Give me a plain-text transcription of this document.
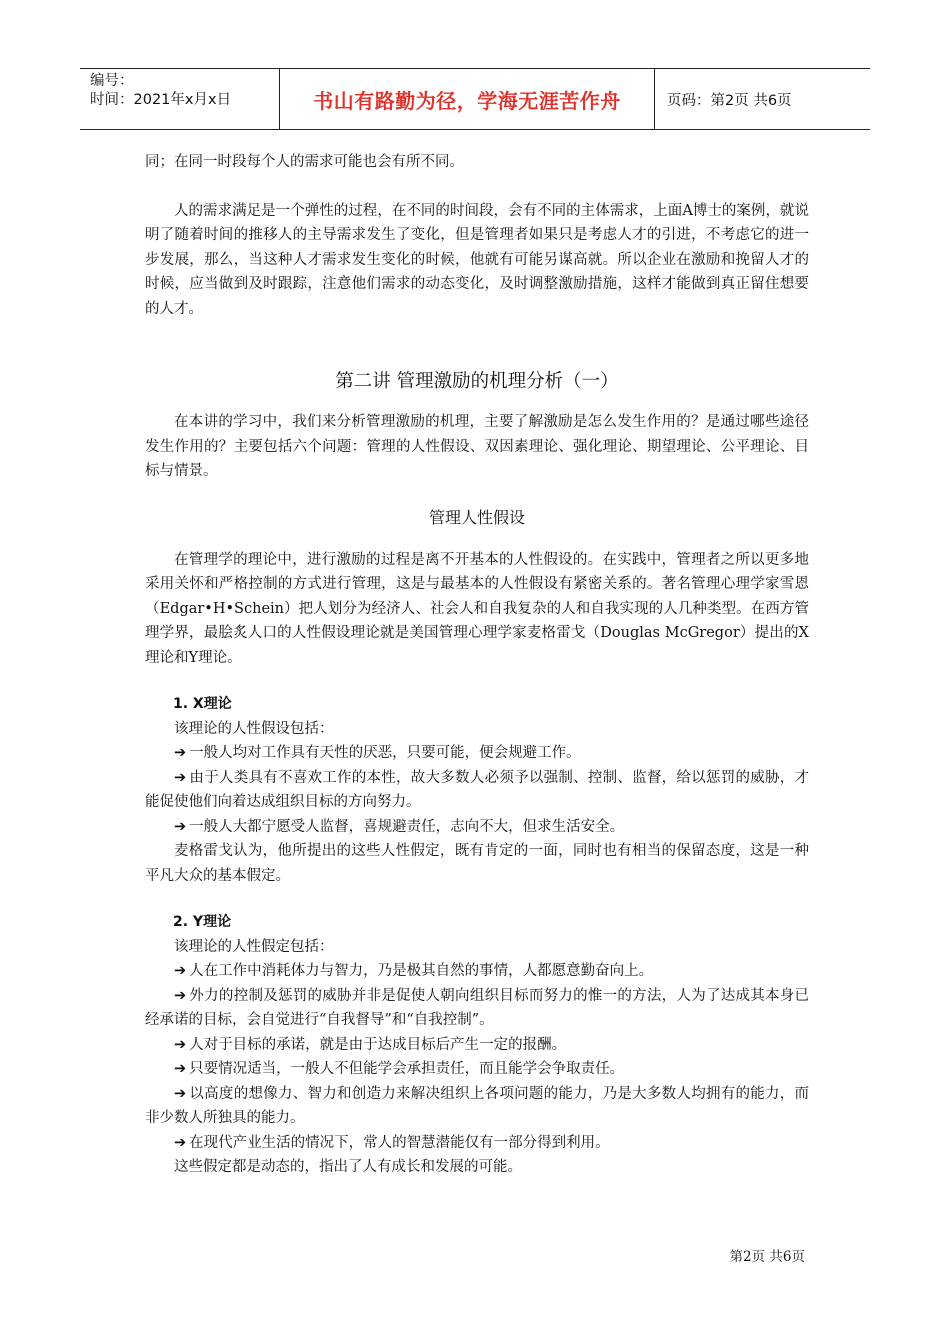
编号：
时间：2021年x月x日	书山有路勤为径，学海无涯苦作舟	页码：第2页 共6页

同；在同一时段每个人的需求可能也会有所不同。

人的需求满足是一个弹性的过程，在不同的时间段，会有不同的主体需求，上面A博士的案例，就说明了随着时间的推移人的主导需求发生了变化，但是管理者如果只是考虑人才的引进，不考虑它的进一步发展，那么，当这种人才需求发生变化的时候，他就有可能另谋高就。所以企业在激励和挽留人才的时候，应当做到及时跟踪，注意他们需求的动态变化，及时调整激励措施，这样才能做到真正留住想要的人才。

第二讲 管理激励的机理分析（一）

在本讲的学习中，我们来分析管理激励的机理，主要了解激励是怎么发生作用的？是通过哪些途径发生作用的？主要包括六个问题：管理的人性假设、双因素理论、强化理论、期望理论、公平理论、目标与情景。

管理人性假设

在管理学的理论中，进行激励的过程是离不开基本的人性假设的。在实践中，管理者之所以更多地采用关怀和严格控制的方式进行管理，这是与最基本的人性假设有紧密关系的。著名管理心理学家雪恩（Edgar•H•Schein）把人划分为经济人、社会人和自我复杂的人和自我实现的人几种类型。在西方管理学界，最脍炙人口的人性假设理论就是美国管理心理学家麦格雷戈（Douglas McGregor）提出的X理论和Y理论。

1. X理论

该理论的人性假设包括：

➔ 一般人均对工作具有天性的厌恶，只要可能，便会规避工作。

➔ 由于人类具有不喜欢工作的本性，故大多数人必须予以强制、控制、监督，给以惩罚的威胁，才能促使他们向着达成组织目标的方向努力。

➔ 一般人大都宁愿受人监督，喜规避责任，志向不大，但求生活安全。

麦格雷戈认为，他所提出的这些人性假定，既有肯定的一面，同时也有相当的保留态度，这是一种平凡大众的基本假定。

2. Y理论

该理论的人性假定包括：

➔ 人在工作中消耗体力与智力，乃是极其自然的事情，人都愿意勤奋向上。

➔ 外力的控制及惩罚的威胁并非是促使人朝向组织目标而努力的惟一的方法，人为了达成其本身已经承诺的目标，会自觉进行“自我督导”和“自我控制”。

➔ 人对于目标的承诺，就是由于达成目标后产生一定的报酬。

➔ 只要情况适当，一般人不但能学会承担责任，而且能学会争取责任。

➔ 以高度的想像力、智力和创造力来解决组织上各项问题的能力，乃是大多数人均拥有的能力，而非少数人所独具的能力。

➔ 在现代产业生活的情况下，常人的智慧潜能仅有一部分得到利用。

这些假定都是动态的，指出了人有成长和发展的可能。

第2页 共6页
